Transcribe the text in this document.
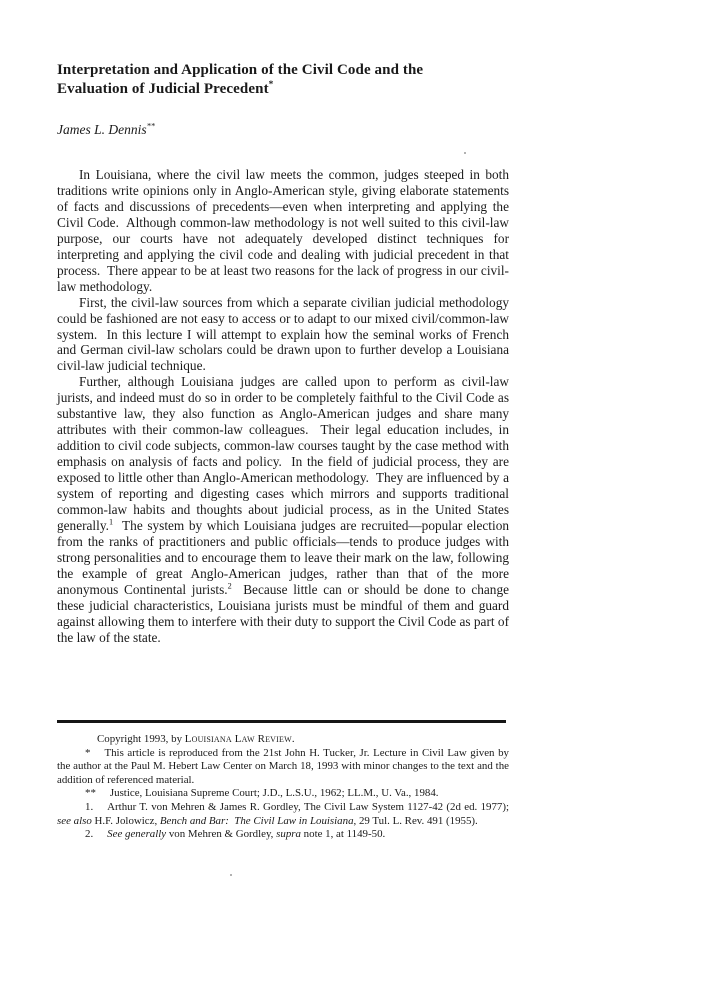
Interpretation and Application of the Civil Code and the
Evaluation of Judicial Precedent*
James L. Dennis**

In Louisiana, where the civil law meets the common, judges steeped in both traditions write opinions only in Anglo-American style, giving elaborate statements of facts and discussions of precedents—even when interpreting and applying the Civil Code.  Although common-law methodology is not well suited to this civil-law purpose, our courts have not adequately developed distinct techniques for interpreting and applying the civil code and dealing with judicial precedent in that process.  There appear to be at least two reasons for the lack of progress in our civil-law methodology.

First, the civil-law sources from which a separate civilian judicial methodology could be fashioned are not easy to access or to adapt to our mixed civil/common-law system.  In this lecture I will attempt to explain how the seminal works of French and German civil-law scholars could be drawn upon to further develop a Louisiana civil-law judicial technique.

Further, although Louisiana judges are called upon to perform as civil-law jurists, and indeed must do so in order to be completely faithful to the Civil Code as substantive law, they also function as Anglo-American judges and share many attributes with their common-law colleagues.  Their legal education includes, in addition to civil code subjects, common-law courses taught by the case method with emphasis on analysis of facts and policy.  In the field of judicial process, they are exposed to little other than Anglo-American methodology.  They are influenced by a system of reporting and digesting cases which mirrors and supports traditional common-law habits and thoughts about judicial process, as in the United States generally.$^1$  The system by which Louisiana judges are recruited—popular election from the ranks of practitioners and public officials—tends to produce judges with strong personalities and to encourage them to leave their mark on the law, following the example of great Anglo-American judges, rather than that of the more anonymous Continental jurists.$^2$  Because little can or should be done to change these judicial characteristics, Louisiana jurists must be mindful of them and guard against allowing them to interfere with their duty to support the Civil Code as part of the law of the state.

Copyright 1993, by Louisiana Law Review.
* This article is reproduced from the 21st John H. Tucker, Jr. Lecture in Civil Law given by the author at the Paul M. Hebert Law Center on March 18, 1993 with minor changes to the text and the addition of referenced material.
** Justice, Louisiana Supreme Court; J.D., L.S.U., 1962; LL.M., U. Va., 1984.
1. Arthur T. von Mehren & James R. Gordley, The Civil Law System 1127-42 (2d ed. 1977); see also H.F. Jolowicz, Bench and Bar:  The Civil Law in Louisiana, 29 Tul. L. Rev. 491 (1955).
2. See generally von Mehren & Gordley, supra note 1, at 1149-50.
